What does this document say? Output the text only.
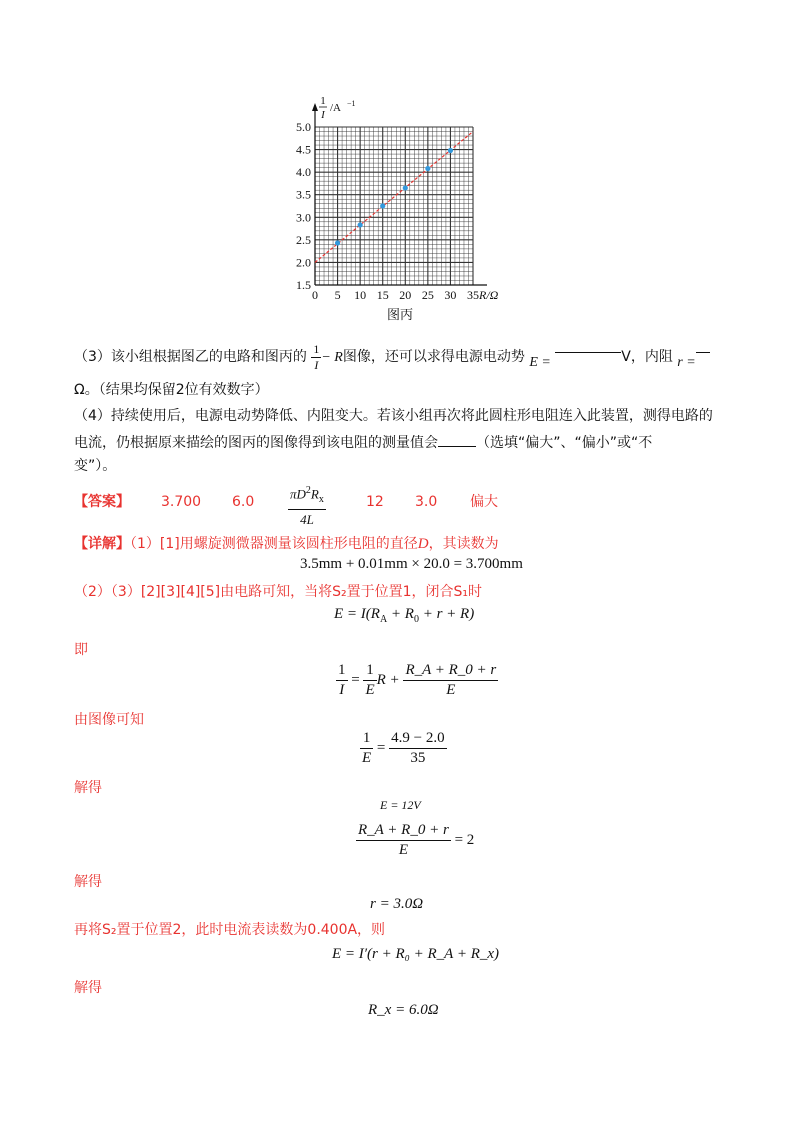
0 5 10 15 20 25 30 35
1.5
2.0
2.5
3.0
3.5
4.0
4.5
5.0
R/Ω
1
I
/A −1
图丙
（3）该小组根据图乙的电路和图丙的 $\frac{1}{I} - R$图像，还可以求得电源电动势 E =	V，内阻 r =
Ω。（结果均保留2位有效数字）
（4）持续使用后，电源电动势降低、内阻变大。若该小组再次将此圆柱形电阻连入此装置，测得电路的
电流，仍根据原来描绘的图丙的图像得到该电阻的测量值会	（选填“偏大”、“偏小”或“不
变”）。
【答案】 3.700 6.0	$\frac{\pi D^2R_x}{4L}$	12 3.0 偏大
【详解】（1）[1]用螺旋测微器测量该圆柱形电阻的直径D，其读数为
3.5mm + 0.01mm × 20.0 = 3.700mm
（2）（3）[2][3][4][5]由电路可知，当将S₂置于位置1，闭合S₁时
$E = I(R_A + R_0 + r + R)$
即
$\frac{1}{I} = \frac{1}{E}$ $R + \frac{R\_A + R\_0 + r}{E}$
由图像可知
$\frac{1}{E} = \frac{4.9 - 2.0}{35}$
解得
E = 12V
$\frac{R\_A + R\_0 + r}{E} = 2$
解得
r = 3.0Ω
再将S₂置于位置2，此时电流表读数为0.400A，则
E = I′(r + R₀ + R_A + R_x)
解得
R_x = 6.0Ω
